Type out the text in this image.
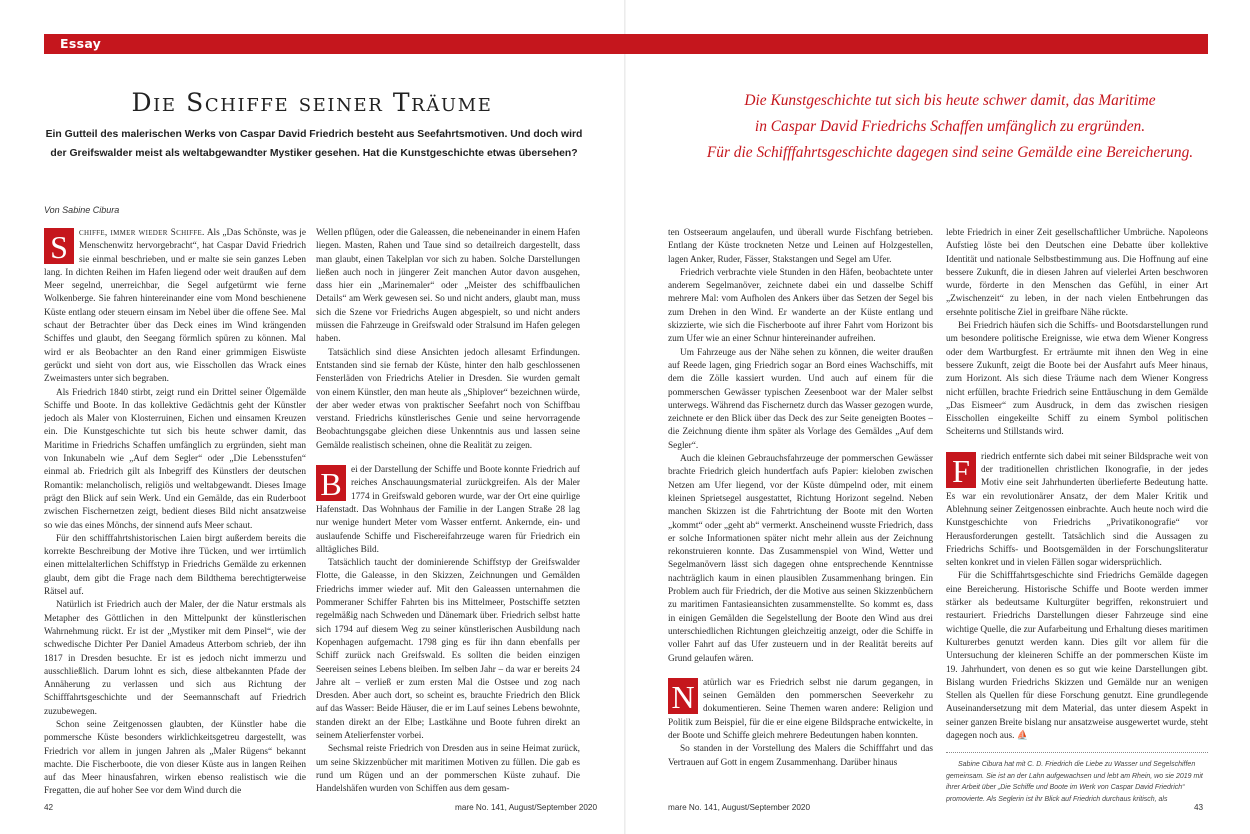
Essay
Die Schiffe seiner Träume
Ein Gutteil des malerischen Werks von Caspar David Friedrich besteht aus Seefahrtsmotiven. Und doch wird der Greifswalder meist als weltabgewandter Mystiker gesehen. Hat die Kunstgeschichte etwas übersehen?
Die Kunstgeschichte tut sich bis heute schwer damit, das Maritime
in Caspar David Friedrichs Schaffen umfänglich zu ergründen.
Für die Schifffahrtsgeschichte dagegen sind seine Gemälde eine Bereicherung.
Von Sabine Cibura

S	chiffe, immer wieder Schiffe. Als „Das Schönste, was je Menschenwitz hervorgebracht“, hat Caspar David Friedrich sie einmal beschrieben, und er malte sie sein ganzes Leben lang. In dichten Reihen im Hafen liegend oder weit draußen auf dem Meer segelnd, unerreichbar, die Segel aufgetürmt wie ferne Wolkenberge. Sie fahren hintereinander eine vom Mond beschienene Küste entlang oder steuern einsam im Nebel über die offene See. Mal schaut der Betrachter über das Deck eines im Wind krängenden Schiffes und glaubt, den Seegang förmlich spüren zu können. Mal wird er als Beobachter an den Rand einer grimmigen Eiswüste gerückt und sieht von dort aus, wie Eisschollen das Wrack eines Zweimasters unter sich begraben.

Als Friedrich 1840 stirbt, zeigt rund ein Drittel seiner Ölgemälde Schiffe und Boote. In das kollektive Gedächtnis geht der Künstler jedoch als Maler von Klosterruinen, Eichen und einsamen Kreuzen ein. Die Kunstgeschichte tut sich bis heute schwer damit, das Maritime in Friedrichs Schaffen umfänglich zu ergründen, sieht man von Inkunabeln wie „Auf dem Segler“ oder „Die Lebensstufen“ einmal ab. Friedrich gilt als Inbegriff des Künstlers der deutschen Romantik: melancholisch, religiös und weltabgewandt. Dieses Image prägt den Blick auf sein Werk. Und ein Gemälde, das ein Ruderboot zwischen Fischernetzen zeigt, bedient dieses Bild nicht ansatzweise so wie das eines Mönchs, der sinnend aufs Meer schaut.

Für den schifffahrtshistorischen Laien birgt außerdem bereits die korrekte Beschreibung der Motive ihre Tücken, und wer irrtümlich einen mittelalterlichen Schiffstyp in Friedrichs Gemälde zu erkennen glaubt, dem gibt die Frage nach dem Bildthema berechtigterweise Rätsel auf.

Natürlich ist Friedrich auch der Maler, der die Natur erstmals als Metapher des Göttlichen in den Mittelpunkt der künstlerischen Wahrnehmung rückt. Er ist der „Mystiker mit dem Pinsel“, wie der schwedische Dichter Per Daniel Amadeus Atterbom schrieb, der ihn 1817 in Dresden besuchte. Er ist es jedoch nicht immerzu und ausschließlich. Darum lohnt es sich, diese altbekannten Pfade der Annäherung zu verlassen und sich aus Richtung der Schifffahrtsgeschichte und der Seemannschaft auf Friedrich zuzubewegen.

Schon seine Zeitgenossen glaubten, der Künstler habe die pommersche Küste besonders wirklichkeitsgetreu dargestellt, was Friedrich vor allem in jungen Jahren als „Maler Rügens“ bekannt machte. Die Fischerboote, die von dieser Küste aus in langen Reihen auf das Meer hinausfahren, wirken ebenso realistisch wie die Fregatten, die auf hoher See vor dem Wind durch die

Wellen pflügen, oder die Galeassen, die nebeneinander in einem Hafen liegen. Masten, Rahen und Taue sind so detailreich dargestellt, dass man glaubt, einen Takelplan vor sich zu haben. Solche Darstellungen ließen auch noch in jüngerer Zeit manchen Autor davon ausgehen, dass hier ein „Marinemaler“ oder „Meister des schiffbaulichen Details“ am Werk gewesen sei. So und nicht anders, glaubt man, muss sich die Szene vor Friedrichs Augen abgespielt, so und nicht anders müssen die Fahrzeuge in Greifswald oder Stralsund im Hafen gelegen haben.

Tatsächlich sind diese Ansichten jedoch allesamt Erfindungen. Entstanden sind sie fernab der Küste, hinter den halb geschlossenen Fensterläden von Friedrichs Atelier in Dresden. Sie wurden gemalt von einem Künstler, den man heute als „Shiplover“ bezeichnen würde, der aber weder etwas von praktischer Seefahrt noch von Schiffbau verstand. Friedrichs künstlerisches Genie und seine hervorragende Beobachtungsgabe gleichen diese Unkenntnis aus und lassen seine Gemälde realistisch scheinen, ohne die Realität zu zeigen.

B	ei der Darstellung der Schiffe und Boote konnte Friedrich auf reiches Anschauungsmaterial zurückgreifen. Als der Maler 1774 in Greifswald geboren wurde, war der Ort eine quirlige Hafenstadt. Das Wohnhaus der Familie in der Langen Straße 28 lag nur wenige hundert Meter vom Wasser entfernt. Ankernde, ein- und auslaufende Schiffe und Fischereifahrzeuge waren für Friedrich ein alltägliches Bild.

Tatsächlich taucht der dominierende Schiffstyp der Greifswalder Flotte, die Galeasse, in den Skizzen, Zeichnungen und Gemälden Friedrichs immer wieder auf. Mit den Galeassen unternahmen die Pommeraner Schiffer Fahrten bis ins Mittelmeer, Postschiffe setzten regelmäßig nach Schweden und Dänemark über. Friedrich selbst hatte sich 1794 auf diesem Weg zu seiner künstlerischen Ausbildung nach Kopenhagen aufgemacht. 1798 ging es für ihn dann ebenfalls per Schiff zurück nach Greifswald. Es sollten die beiden einzigen Seereisen seines Lebens bleiben. Im selben Jahr – da war er bereits 24 Jahre alt – verließ er zum ersten Mal die Ostsee und zog nach Dresden. Aber auch dort, so scheint es, brauchte Friedrich den Blick auf das Wasser: Beide Häuser, die er im Lauf seines Lebens bewohnte, standen direkt an der Elbe; Lastkähne und Boote fuhren direkt an seinem Atelierfenster vorbei.

Sechsmal reiste Friedrich von Dresden aus in seine Heimat zurück, um seine Skizzenbücher mit maritimen Motiven zu füllen. Die gab es rund um Rügen und an der pommerschen Küste zuhauf. Die Handelshäfen wurden von Schiffen aus dem gesam-

ten Ostseeraum angelaufen, und überall wurde Fischfang betrieben. Entlang der Küste trockneten Netze und Leinen auf Holzgestellen, lagen Anker, Ruder, Fässer, Stakstangen und Segel am Ufer.

Friedrich verbrachte viele Stunden in den Häfen, beobachtete unter anderem Segelmanöver, zeichnete dabei ein und dasselbe Schiff mehrere Mal: vom Aufholen des Ankers über das Setzen der Segel bis zum Drehen in den Wind. Er wanderte an der Küste entlang und skizzierte, wie sich die Fischerboote auf ihrer Fahrt vom Horizont bis zum Ufer wie an einer Schnur hintereinander aufreihen.

Um Fahrzeuge aus der Nähe sehen zu können, die weiter draußen auf Reede lagen, ging Friedrich sogar an Bord eines Wachschiffs, mit dem die Zölle kassiert wurden. Und auch auf einem für die pommerschen Gewässer typischen Zeesenboot war der Maler selbst unterwegs. Während das Fischernetz durch das Wasser gezogen wurde, zeichnete er den Blick über das Deck des zur Seite geneigten Bootes – die Zeichnung diente ihm später als Vorlage des Gemäldes „Auf dem Segler“.

Auch die kleinen Gebrauchsfahrzeuge der pommerschen Gewässer brachte Friedrich gleich hundertfach aufs Papier: kieloben zwischen Netzen am Ufer liegend, vor der Küste dümpelnd oder, mit einem kleinen Sprietsegel ausgestattet, Richtung Horizont segelnd. Neben manchen Skizzen ist die Fahrtrichtung der Boote mit den Worten „kommt“ oder „geht ab“ vermerkt. Anscheinend wusste Friedrich, dass er solche Informationen später nicht mehr allein aus der Zeichnung rekonstruieren konnte. Das Zusammenspiel von Wind, Wetter und Segelmanövern lässt sich dagegen ohne entsprechende Kenntnisse nachträglich kaum in einen plausiblen Zusammenhang bringen. Ein Problem auch für Friedrich, der die Motive aus seinen Skizzenbüchern zu maritimen Fantasieansichten zusammenstellte. So kommt es, dass in einigen Gemälden die Segelstellung der Boote den Wind aus drei unterschiedlichen Richtungen gleichzeitig anzeigt, oder die Schiffe in voller Fahrt auf das Ufer zusteuern und in der Realität bereits auf Grund gelaufen wären.

N atürlich war es Friedrich selbst nie darum gegangen, in seinen Gemälden den pommerschen Seeverkehr zu dokumentieren. Seine Themen waren andere: Religion und Politik zum Beispiel, für die er eine eigene Bildsprache entwickelte, in der Boote und Schiffe gleich mehrere Bedeutungen haben konnten.

So standen in der Vorstellung des Malers die Schifffahrt und das Vertrauen auf Gott in engem Zusammenhang. Darüber hinaus

lebte Friedrich in einer Zeit gesellschaftlicher Umbrüche. Napoleons Aufstieg löste bei den Deutschen eine Debatte über kollektive Identität und nationale Selbstbestimmung aus. Die Hoffnung auf eine bessere Zukunft, die in diesen Jahren auf vielerlei Arten beschworen wurde, förderte in den Menschen das Gefühl, in einer Art „Zwischenzeit“ zu leben, in der nach vielen Entbehrungen das ersehnte politische Ziel in greifbare Nähe rückte.

Bei Friedrich häufen sich die Schiffs- und Bootsdarstellungen rund um besondere politische Ereignisse, wie etwa dem Wiener Kongress oder dem Wartburgfest. Er erträumte mit ihnen den Weg in eine bessere Zukunft, zeigt die Boote bei der Ausfahrt aufs Meer hinaus, zum Horizont. Als sich diese Träume nach dem Wiener Kongress nicht erfüllen, brachte Friedrich seine Enttäuschung in dem Gemälde „Das Eismeer“ zum Ausdruck, in dem das zwischen riesigen Eisschollen eingekeilte Schiff zu einem Symbol politischen Scheiterns und Stillstands wird.

F	riedrich entfernte sich dabei mit seiner Bildsprache weit von der traditionellen christlichen Ikonografie, in der jedes Motiv eine seit Jahrhunderten überlieferte Bedeutung hatte. Es war ein revolutionärer Ansatz, der dem Maler Kritik und Ablehnung seiner Zeitgenossen einbrachte. Auch heute noch wird die Kunstgeschichte von Friedrichs „Privatikonografie“ vor Herausforderungen gestellt. Tatsächlich sind die Aussagen zu Friedrichs Schiffs- und Bootsgemälden in der Forschungsliteratur selten konkret und in vielen Fällen sogar widersprüchlich.

Für die Schifffahrtsgeschichte sind Friedrichs Gemälde dagegen eine Bereicherung. Historische Schiffe und Boote werden immer stärker als bedeutsame Kulturgüter begriffen, rekonstruiert und restauriert. Friedrichs Darstellungen dieser Fahrzeuge sind eine wichtige Quelle, die zur Aufarbeitung und Erhaltung dieses maritimen Kulturerbes genutzt werden kann. Dies gilt vor allem für die Untersuchung der kleineren Schiffe an der pommerschen Küste im 19. Jahrhundert, von denen es so gut wie keine Darstellungen gibt. Bislang wurden Friedrichs Skizzen und Gemälde nur an wenigen Stellen als Quellen für diese Forschung genutzt. Eine grundlegende Auseinandersetzung mit dem Material, das unter diesem Aspekt in seiner ganzen Breite bislang nur ansatzweise ausgewertet wurde, steht dagegen noch aus. ⛵

Sabine Cibura hat mit C. D. Friedrich die Liebe zu Wasser und Segelschiffen gemeinsam. Sie ist an der Lahn aufgewachsen und lebt am Rhein, wo sie 2019 mit ihrer Arbeit über „Die Schiffe und Boote im Werk von Caspar David Friedrich“ promovierte. Als Seglerin ist ihr Blick auf Friedrich durchaus kritisch, als

42	mare No. 141, August/September 2020	mare No. 141, August/September 2020	43
